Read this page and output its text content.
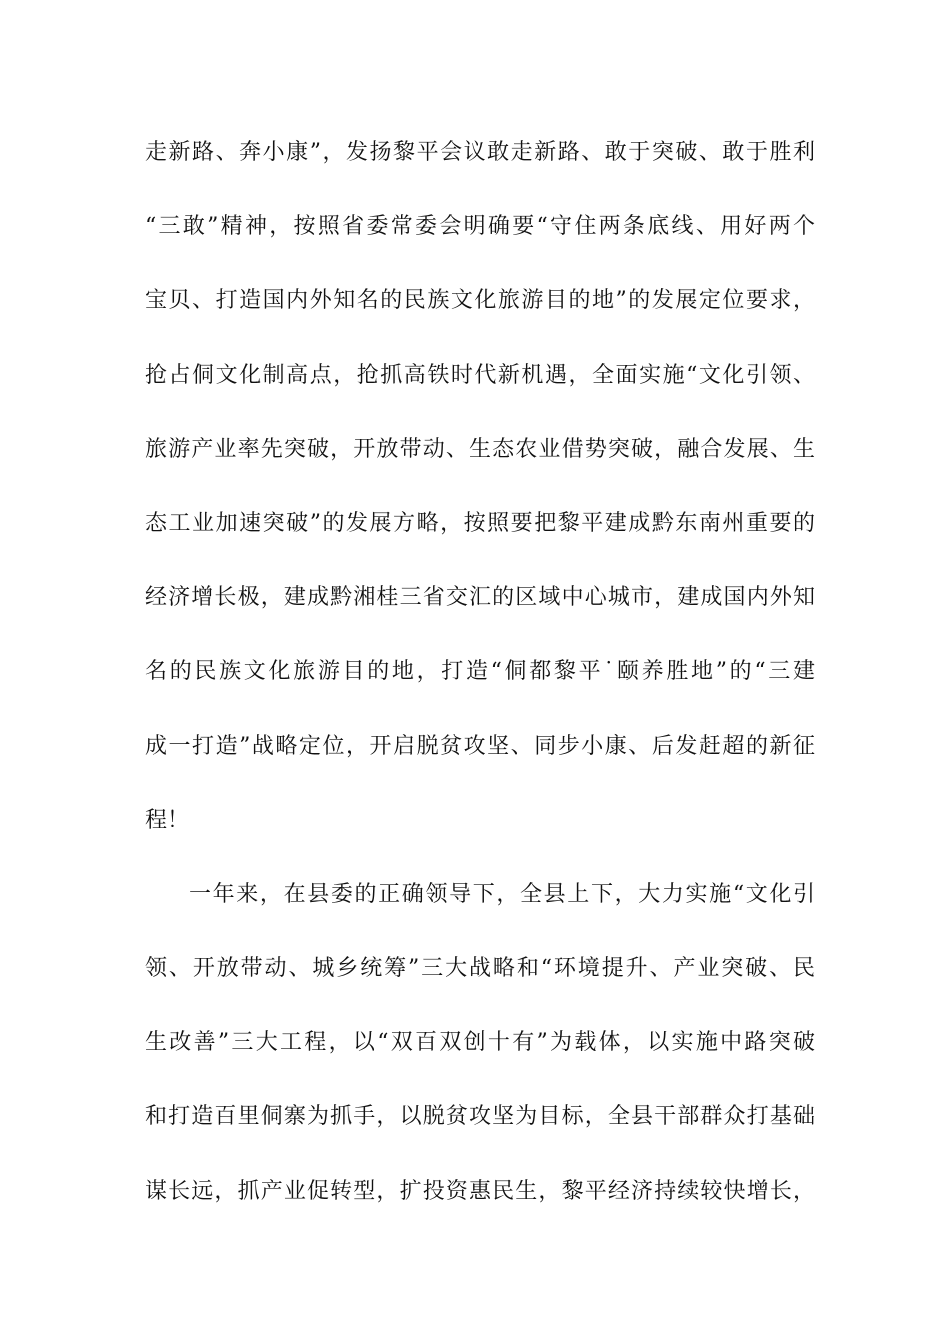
走新路、奔小康”，发扬黎平会议敢走新路、敢于突破、敢于胜利
“三敢”精神，按照省委常委会明确要“守住两条底线、用好两个
宝贝、打造国内外知名的民族文化旅游目的地”的发展定位要求，
抢占侗文化制高点，抢抓高铁时代新机遇，全面实施“文化引领、
旅游产业率先突破，开放带动、生态农业借势突破，融合发展、生
态工业加速突破”的发展方略，按照要把黎平建成黔东南州重要的
经济增长极，建成黔湘桂三省交汇的区域中心城市，建成国内外知
名的民族文化旅游目的地，打造“侗都黎平˙颐养胜地”的“三建
成一打造”战略定位，开启脱贫攻坚、同步小康、后发赶超的新征
程！
一年来，在县委的正确领导下，全县上下，大力实施“文化引
领、开放带动、城乡统筹”三大战略和“环境提升、产业突破、民
生改善”三大工程，以“双百双创十有”为载体，以实施中路突破
和打造百里侗寨为抓手，以脱贫攻坚为目标，全县干部群众打基础
谋长远，抓产业促转型，扩投资惠民生，黎平经济持续较快增长，
